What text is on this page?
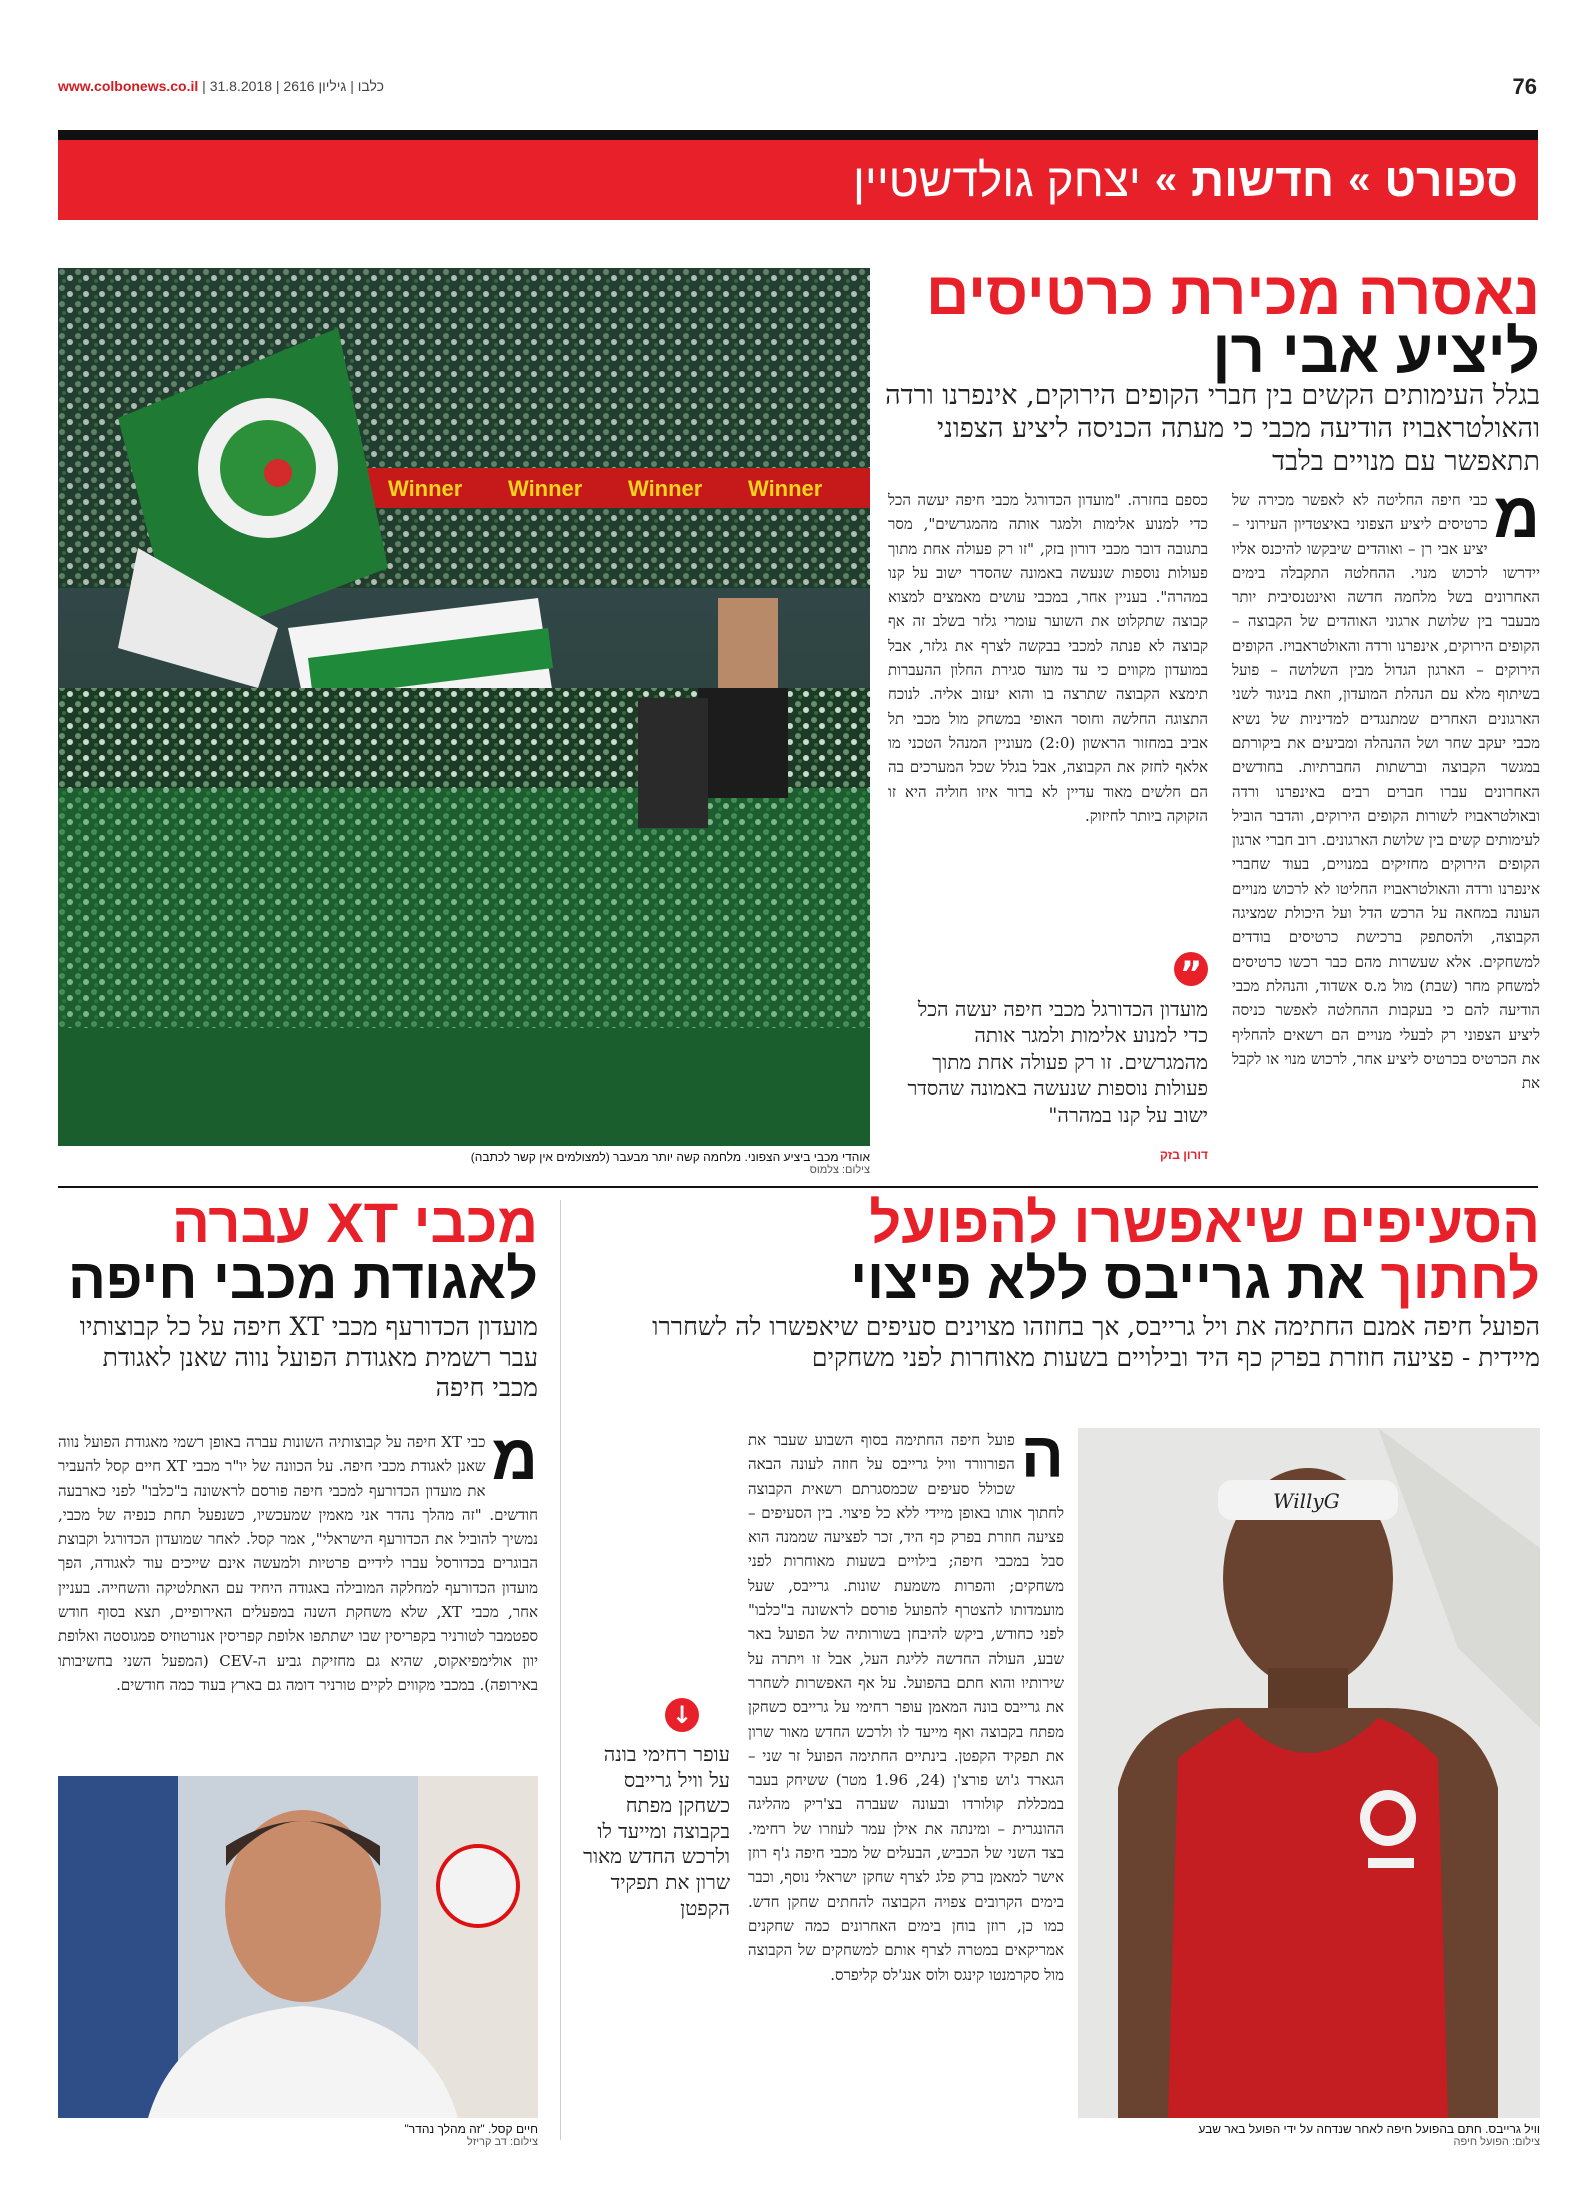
www.colbonews.co.il |	כלבו | גיליון 2616 | 31.8.2018	76
ספורט
»
חדשות
»
יצחק גולדשטיין
Winner Winner Winner Winner
אוהדי מכבי ביציע הצפוני. מלחמה קשה יותר מבעבר (למצולמים אין קשר לכתבה)
צילום: צלמוס
נאסרה מכירת כרטיסים
ליציע אבי רן
בגלל העימותים הקשים בין חברי הקופים הירוקים, אינפרנו ורדה והאולטראבויז הודיעה מכבי כי מעתה הכניסה ליציע הצפוני תתאפשר עם מנויים בלבד
מ
כבי חיפה החליטה לא לאפשר מכירה של כרטיסים ליציע הצפוני באיצטדיון העירוני – יציע אבי רן – ואוהדים שיבקשו להיכנס אליו יידרשו לרכוש מנוי. ההחלטה התקבלה בימים האחרונים בשל מלחמה חדשה ואינטנסיבית יותר מבעבר בין שלושת ארגוני האוהדים של הקבוצה – הקופים הירוקים, אינפרנו ורדה והאולטראבויז. הקופים הירוקים – הארגון הגדול מבין השלושה – פועל בשיתוף מלא עם הנהלת המועדון, וזאת בניגוד לשני הארגונים האחרים שמתנגדים למדיניות של נשיא מכבי יעקב שחר ושל ההנהלה ומביעים את ביקורתם במגשר הקבוצה וברשתות החברתיות. בחודשים האחרונים עברו חברים רבים באינפרנו ורדה ובאולטראבויז לשורות הקופים הירוקים, והדבר הוביל לעימותים קשים בין שלושת הארגונים. רוב חברי ארגון הקופים הירוקים מחזיקים במנויים, בעוד שחברי אינפרנו ורדה והאולטראבויז החליטו לא לרכוש מנויים העונה במחאה על הרכש הדל ועל היכולת שמציגה הקבוצה, ולהסתפק ברכישת כרטיסים בודדים למשחקים. אלא שעשרות מהם כבר רכשו כרטיסים למשחק מחר (שבת) מול מ.ס אשדוד, והנהלת מכבי הודיעה להם כי בעקבות ההחלטה לאפשר כניסה ליציע הצפוני רק לבעלי מנויים הם רשאים להחליף את הכרטיס בכרטיס ליציע אחר, לרכוש מנוי או לקבל את
כספם בחזרה. "מועדון הכדורגל מכבי חיפה יעשה הכל כדי למנוע אלימות ולמגר אותה מהמגרשים", מסר בתגובה דובר מכבי דורון בזק, "זו רק פעולה אחת מתוך פעולות נוספות שנעשה באמונה שהסדר ישוב על קנו במהרה". בעניין אחר, במכבי עושים מאמצים למצוא קבוצה שתקלוט את השוער עומרי גלזר בשלב זה אף קבוצה לא פנתה למכבי בבקשה לצרף את גלזר, אבל במועדון מקווים כי עד מועד סגירת החלון ההעברות תימצא הקבוצה שתרצה בו והוא יעזוב אליה. לנוכח התצוגה החלשה וחוסר האופי במשחק מול מכבי תל אביב במחזור הראשון (2:0) מעוניין המנהל הטכני מו אלאף לחזק את הקבוצה, אבל בגלל שכל המערכים בה הם חלשים מאוד עדיין לא ברור איזו חוליה היא זו הזקוקה ביותר לחיזוק.
”
מועדון הכדורגל מכבי חיפה יעשה הכל כדי למנוע אלימות ולמגר אותה מהמגרשים. זו רק פעולה אחת מתוך פעולות נוספות שנעשה באמונה שהסדר ישוב על קנו במהרה"
דורון בזק
הסעיפים שיאפשרו להפועל
לחתוך את גרייבס ללא פיצוי
הפועל חיפה אמנם החתימה את ויל גרייבס, אך בחוזהו מצוינים סעיפים שיאפשרו לה לשחררו מיידית - פציעה חוזרת בפרק כף היד ובילויים בשעות מאוחרות לפני משחקים
WillyG
וויל גרייבס. חתם בהפועל חיפה לאחר שנדחה על ידי הפועל באר שבע
צילום: הפועל חיפה
ה
פועל חיפה החתימה בסוף השבוע שעבר את הפורוורד וויל גרייבס על חוזה לעונה הבאה שכולל סעיפים שכמסגרתם רשאית הקבוצה לחתוך אותו באופן מיידי ללא כל פיצוי. בין הסעיפים – פציעה חוזרת בפרק כף היד, זכר לפציעה שממנה הוא סבל במכבי חיפה; בילויים בשעות מאוחרות לפני משחקים; והפרות משמעת שונות. גרייבס, שעל מועמדותו להצטרף להפועל פורסם לראשונה ב"כלבו" לפני כחודש, ביקש להיבחן בשורותיה של הפועל באר שבע, העולה החדשה לליגת העל, אבל זו ויתרה על שירותיו והוא חתם בהפועל. על אף האפשרות לשחרר את גרייבס בונה המאמן עופר רחימי על גרייבס כשחקן מפתח בקבוצה ואף מייעד לו ולרכש החדש מאור שרון את תפקיד הקפטן. בינתיים החתימה הפועל זר שני – הגארד ג'וש פורצ'ן (24, 1.96 מטר) ששיחק בעבר במכללת קולורדו ובעונה שעברה בצ'ריק מהליגה ההונגרית – ומינתה את אילן עמר לעוזרו של רחימי. בצד השני של הכביש, הבעלים של מכבי חיפה ג'ף רוזן אישר למאמן ברק פלג לצרף שחקן ישראלי נוסף, וכבר בימים הקרובים צפויה הקבוצה להחתים שחקן חדש. כמו כן, רוזן בוחן בימים האחרונים כמה שחקנים אמריקאים במטרה לצרף אותם למשחקים של הקבוצה מול סקרמנטו קינגס ולוס אנג'לס קליפרס.
↓
עופר רחימי בונה על וויל גרייבס כשחקן מפתח בקבוצה ומייעד לו ולרכש החדש מאור שרון את תפקיד הקפטן
מכבי XT עברה
לאגודת מכבי חיפה
מועדון הכדורעף מכבי XT חיפה על כל קבוצותיו עבר רשמית מאגודת הפועל נווה שאנן לאגודת מכבי חיפה
מ
כבי XT חיפה על קבוצותיה השונות עברה באופן רשמי מאגודת הפועל נווה שאנן לאגודת מכבי חיפה. על הכוונה של יו"ר מכבי XT חיים קסל להעביר את מועדון הכדורעף למכבי חיפה פורסם לראשונה ב"כלבו" לפני כארבעה חודשים. "זה מהלך נהדר אני מאמין שמעכשיו, כשנפעל תחת כנפיה של מכבי, נמשיך להוביל את הכדורעף הישראלי", אמר קסל. לאחר שמועדון הכדורגל וקבוצת הבוגרים בכדורסל עברו לידיים פרטיות ולמעשה אינם שייכים עוד לאגודה, הפך מועדון הכדורעף למחלקה המובילה באגודה היחיד עם האתלטיקה והשחייה. בעניין אחר, מכבי XT, שלא משחקת השנה במפעלים האירופיים, תצא בסוף חודש ספטמבר לטורניר בקפריסין שבו ישתתפו אלופת קפריסין אנורטוזיס פמגוסטה ואלופת יוון אולימפיאקוס, שהיא גם מחזיקת גביע ה-CEV (המפעל השני בחשיבותו באירופה). במכבי מקווים לקיים טורניר דומה גם בארץ בעוד כמה חודשים.
חיים קסל. "זה מהלך נהדר"
צילום: דב קריזל
